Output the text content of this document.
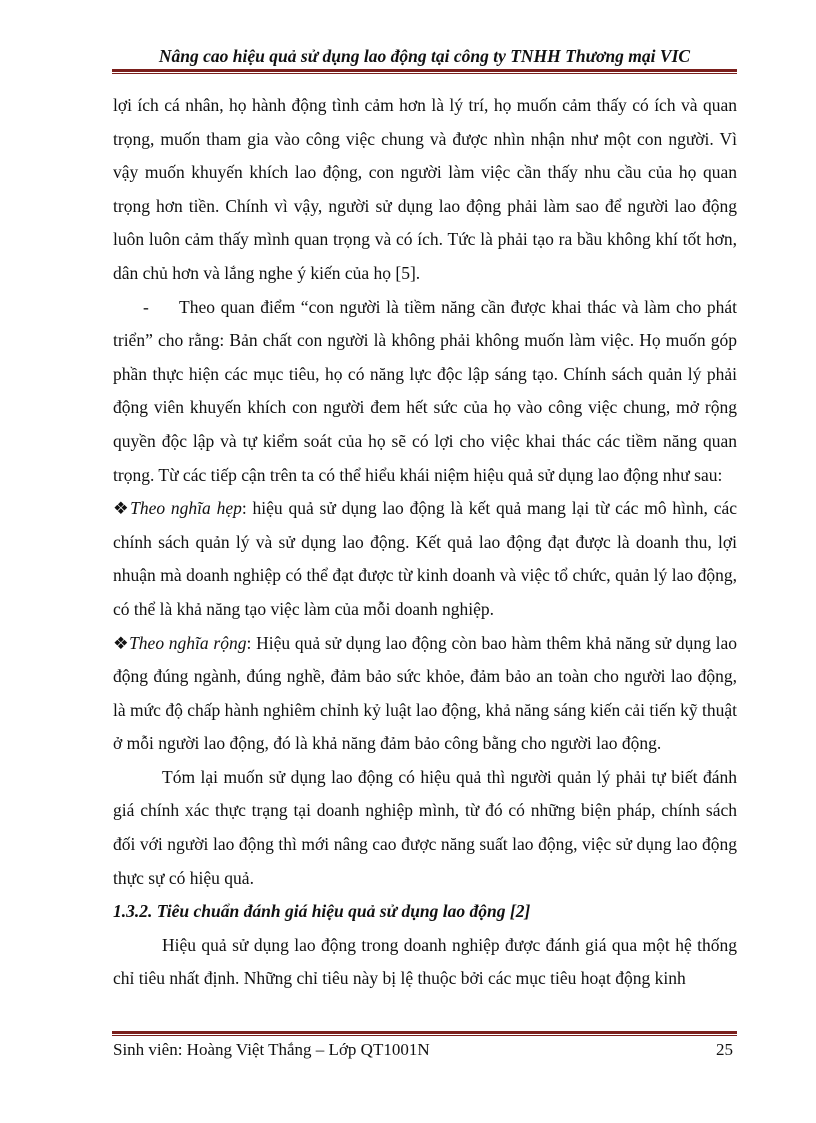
Nâng cao hiệu quả sử dụng lao động tại công ty TNHH Thương mại VIC

lợi ích cá nhân, họ hành động tình cảm hơn là lý trí, họ muốn cảm thấy có ích và quan trọng, muốn tham gia vào công việc chung và được nhìn nhận như một con người. Vì vậy muốn khuyến khích lao động, con người làm việc cần thấy nhu cầu của họ quan trọng hơn tiền. Chính vì vậy, người sử dụng lao động phải làm sao để người lao động luôn luôn cảm thấy mình quan trọng và có ích. Tức là phải tạo ra bầu không khí tốt hơn, dân chủ hơn và lắng nghe ý kiến của họ [5].

- Theo quan điểm “con người là tiềm năng cần được khai thác và làm cho phát triển” cho rằng: Bản chất con người là không phải không muốn làm việc. Họ muốn góp phần thực hiện các mục tiêu, họ có năng lực độc lập sáng tạo. Chính sách quản lý phải động viên khuyến khích con người đem hết sức của họ vào công việc chung, mở rộng quyền độc lập và tự kiểm soát của họ sẽ có lợi cho việc khai thác các tiềm năng quan trọng. Từ các tiếp cận trên ta có thể hiểu khái niệm hiệu quả sử dụng lao động như sau:

❖Theo nghĩa hẹp: hiệu quả sử dụng lao động là kết quả mang lại từ các mô hình, các chính sách quản lý và sử dụng lao động. Kết quả lao động đạt được là doanh thu, lợi nhuận mà doanh nghiệp có thể đạt được từ kinh doanh và việc tổ chức, quản lý lao động, có thể là khả năng tạo việc làm của mỗi doanh nghiệp.

❖Theo nghĩa rộng: Hiệu quả sử dụng lao động còn bao hàm thêm khả năng sử dụng lao động đúng ngành, đúng nghề, đảm bảo sức khỏe, đảm bảo an toàn cho người lao động, là mức độ chấp hành nghiêm chỉnh kỷ luật lao động, khả năng sáng kiến cải tiến kỹ thuật ở mỗi người lao động, đó là khả năng đảm bảo công bằng cho người lao động.

Tóm lại muốn sử dụng lao động có hiệu quả thì người quản lý phải tự biết đánh giá chính xác thực trạng tại doanh nghiệp mình, từ đó có những biện pháp, chính sách đối với người lao động thì mới nâng cao được năng suất lao động, việc sử dụng lao động thực sự có hiệu quả.

1.3.2. Tiêu chuẩn đánh giá hiệu quả sử dụng lao động [2]

Hiệu quả sử dụng lao động trong doanh nghiệp được đánh giá qua một hệ thống chỉ tiêu nhất định. Những chỉ tiêu này bị lệ thuộc bởi các mục tiêu hoạt động kinh

Sinh viên: Hoàng Việt Thắng – Lớp QT1001N	25
